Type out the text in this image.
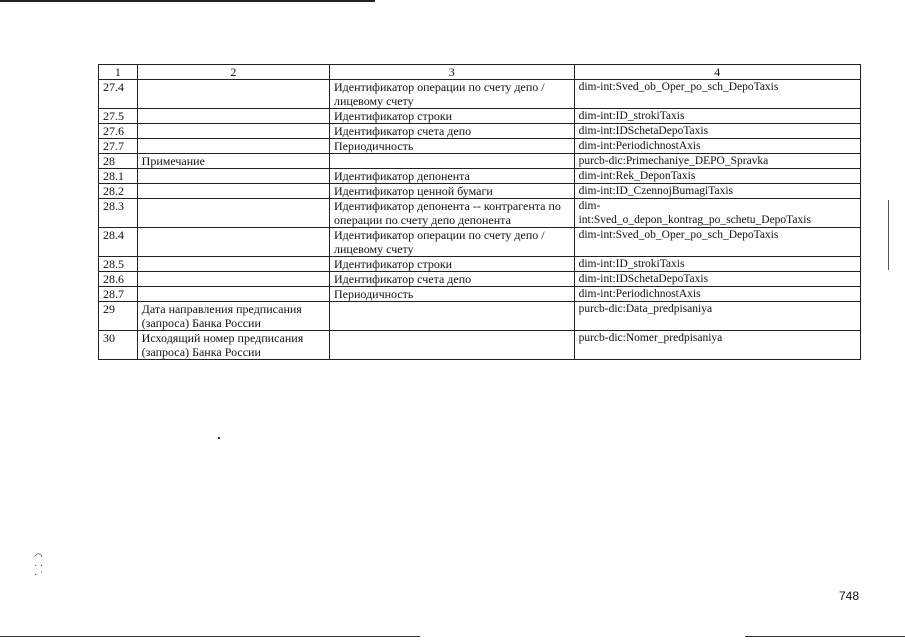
◠
· ·
· ʾ
1	2	3	4
27.4		Идентификатор операции по счету депо / лицевому счету	dim-int:Sved_ob_Oper_po_sch_DepoTaxis
27.5		Идентификатор строки	dim-int:ID_strokiTaxis
27.6		Идентификатор счета депо	dim-int:IDSchetaDepoTaxis
27.7		Периодичность	dim-int:PeriodichnostAxis
28	Примечание		purcb-dic:Primechaniye_DEPO_Spravka
28.1		Идентификатор депонента	dim-int:Rek_DeponTaxis
28.2		Идентификатор ценной бумаги	dim-int:ID_CzennojBumagiTaxis
28.3		Идентификатор депонента -- контрагента по операции по счету депо депонента	dim-
int:Sved_o_depon_kontrag_po_schetu_DepoTaxis
28.4		Идентификатор операции по счету депо / лицевому счету	dim-int:Sved_ob_Oper_po_sch_DepoTaxis
28.5		Идентификатор строки	dim-int:ID_strokiTaxis
28.6		Идентификатор счета депо	dim-int:IDSchetaDepoTaxis
28.7		Периодичность	dim-int:PeriodichnostAxis
29	Дата направления предписания (запроса) Банка России		purcb-dic:Data_predpisaniya
30	Исходящий номер предписания (запроса) Банка России		purcb-dic:Nomer_predpisaniya
748
